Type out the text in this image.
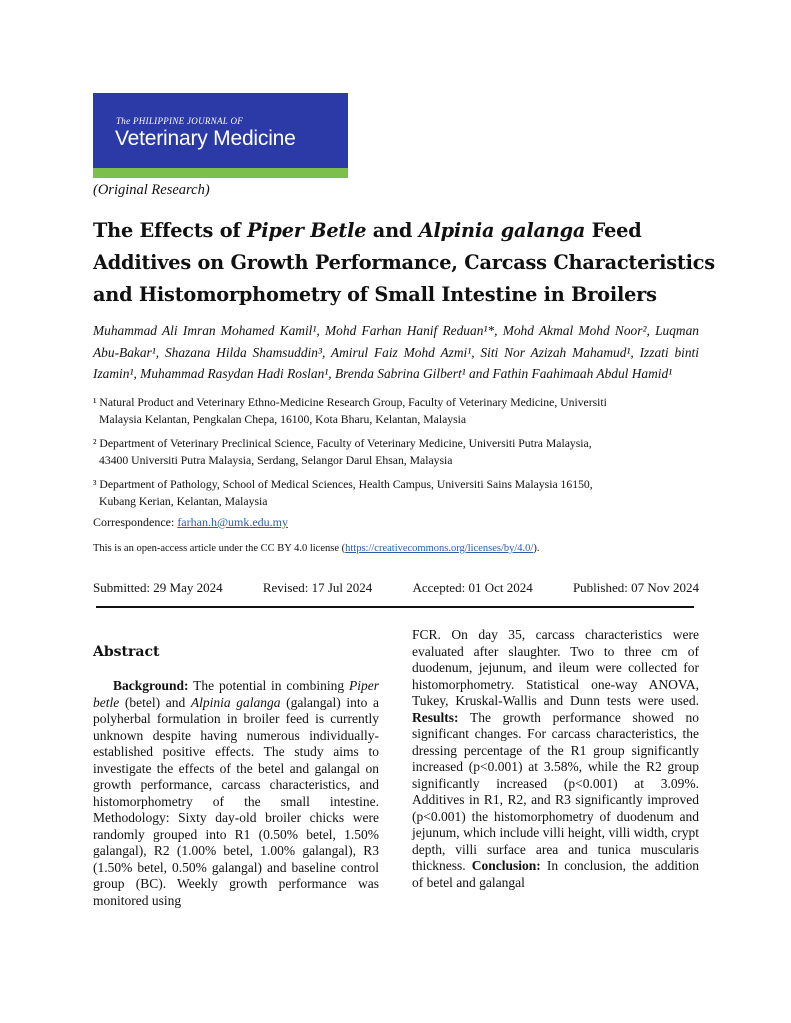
The PHILIPPINE JOURNAL OF
Veterinary Medicine
(Original Research)
The Effects of Piper Betle and Alpinia galanga Feed
Additives on Growth Performance, Carcass Characteristics
and Histomorphometry of Small Intestine in Broilers
Muhammad Ali Imran Mohamed Kamil¹, Mohd Farhan Hanif Reduan¹*, Mohd Akmal Mohd Noor², Luqman Abu-Bakar¹, Shazana Hilda Shamsuddin³, Amirul Faiz Mohd Azmi¹, Siti Nor Azizah Mahamud¹, Izzati binti Izamin¹, Muhammad Rasydan Hadi Roslan¹, Brenda Sabrina Gilbert¹ and Fathin Faahimaah Abdul Hamid¹
¹ Natural Product and Veterinary Ethno-Medicine Research Group, Faculty of Veterinary Medicine, Universiti
Malaysia Kelantan, Pengkalan Chepa, 16100, Kota Bharu, Kelantan, Malaysia
² Department of Veterinary Preclinical Science, Faculty of Veterinary Medicine, Universiti Putra Malaysia,
43400 Universiti Putra Malaysia, Serdang, Selangor Darul Ehsan, Malaysia
³ Department of Pathology, School of Medical Sciences, Health Campus, Universiti Sains Malaysia 16150,
Kubang Kerian, Kelantan, Malaysia
Correspondence: farhan.h@umk.edu.my
This is an open-access article under the CC BY 4.0 license (https://creativecommons.org/licenses/by/4.0/).
Submitted: 29 May 2024	Revised: 17 Jul 2024	Accepted: 01 Oct 2024	Published: 07 Nov 2024
Abstract
Background: The potential in combining Piper betle (betel) and Alpinia galanga (galangal) into a polyherbal formulation in broiler feed is currently unknown despite having numerous individually-established positive effects. The study aims to investigate the effects of the betel and galangal on growth performance, carcass characteristics, and histomorphometry of the small intestine. Methodology: Sixty day-old broiler chicks were randomly grouped into R1 (0.50% betel, 1.50% galangal), R2 (1.00% betel, 1.00% galangal), R3 (1.50% betel, 0.50% galangal) and baseline control group (BC). Weekly growth performance was monitored using
FCR. On day 35, carcass characteristics were evaluated after slaughter. Two to three cm of duodenum, jejunum, and ileum were collected for histomorphometry. Statistical one-way ANOVA, Tukey, Kruskal-Wallis and Dunn tests were used. Results: The growth performance showed no significant changes. For carcass characteristics, the dressing percentage of the R1 group significantly increased (p<0.001) at 3.58%, while the R2 group significantly increased (p<0.001) at 3.09%. Additives in R1, R2, and R3 significantly improved (p<0.001) the histomorphometry of duodenum and jejunum, which include villi height, villi width, crypt depth, villi surface area and tunica muscularis thickness. Conclusion: In conclusion, the addition of betel and galangal
